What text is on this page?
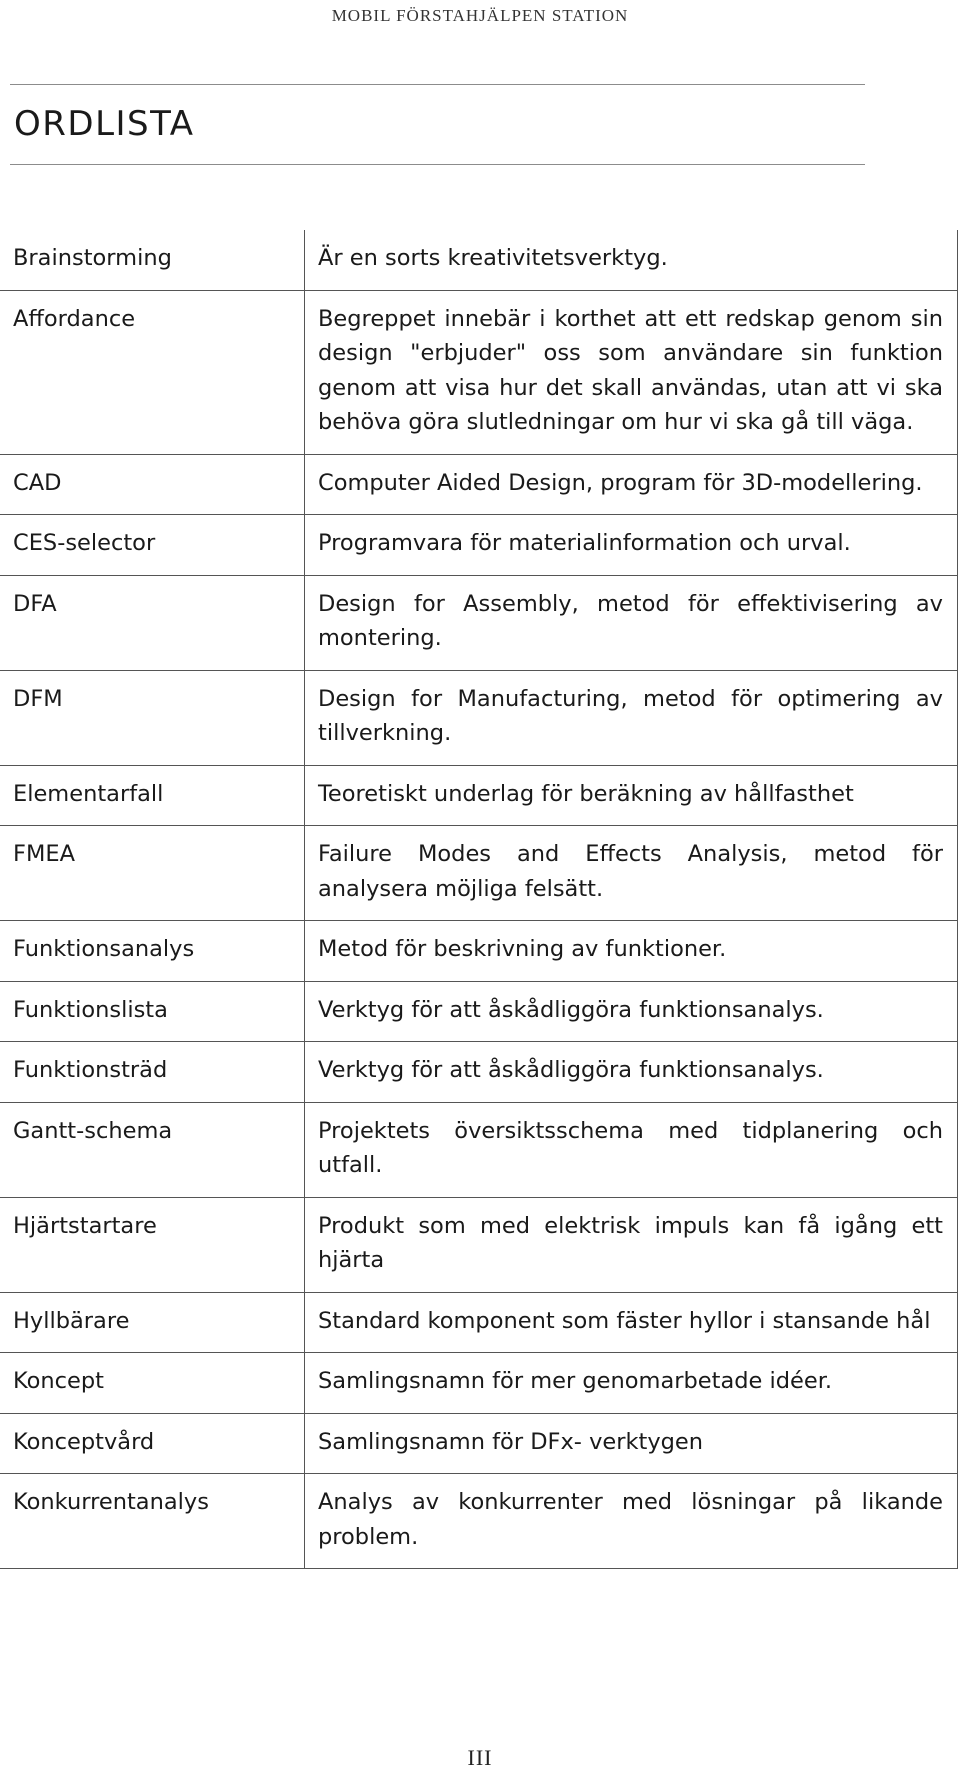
MOBIL FÖRSTAHJÄLPEN STATION
ORDLISTA
Brainstorming	Är en sorts kreativitetsverktyg.
Affordance	Begreppet innebär i korthet att ett redskap genom sin design "erbjuder" oss som användare sin funktion genom att visa hur det skall användas, utan att vi ska behöva göra slutledningar om hur vi ska gå till väga.
CAD	Computer Aided Design, program för 3D-modellering.
CES-selector	Programvara för materialinformation och urval.
DFA	Design for Assembly, metod för effektivisering av montering.
DFM	Design for Manufacturing, metod för optimering av tillverkning.
Elementarfall	Teoretiskt underlag för beräkning av hållfasthet
FMEA	Failure Modes and Effects Analysis, metod för analysera möjliga felsätt.
Funktionsanalys	Metod för beskrivning av funktioner.
Funktionslista	Verktyg för att åskådliggöra funktionsanalys.
Funktionsträd	Verktyg för att åskådliggöra funktionsanalys.
Gantt-schema	Projektets översiktsschema med tidplanering och utfall.
Hjärtstartare	Produkt som med elektrisk impuls kan få igång ett hjärta
Hyllbärare	Standard komponent som fäster hyllor i stansande hål
Koncept	Samlingsnamn för mer genomarbetade idéer.
Konceptvård	Samlingsnamn för DFx- verktygen
Konkurrentanalys	Analys av konkurrenter med lösningar på likande problem.
III
